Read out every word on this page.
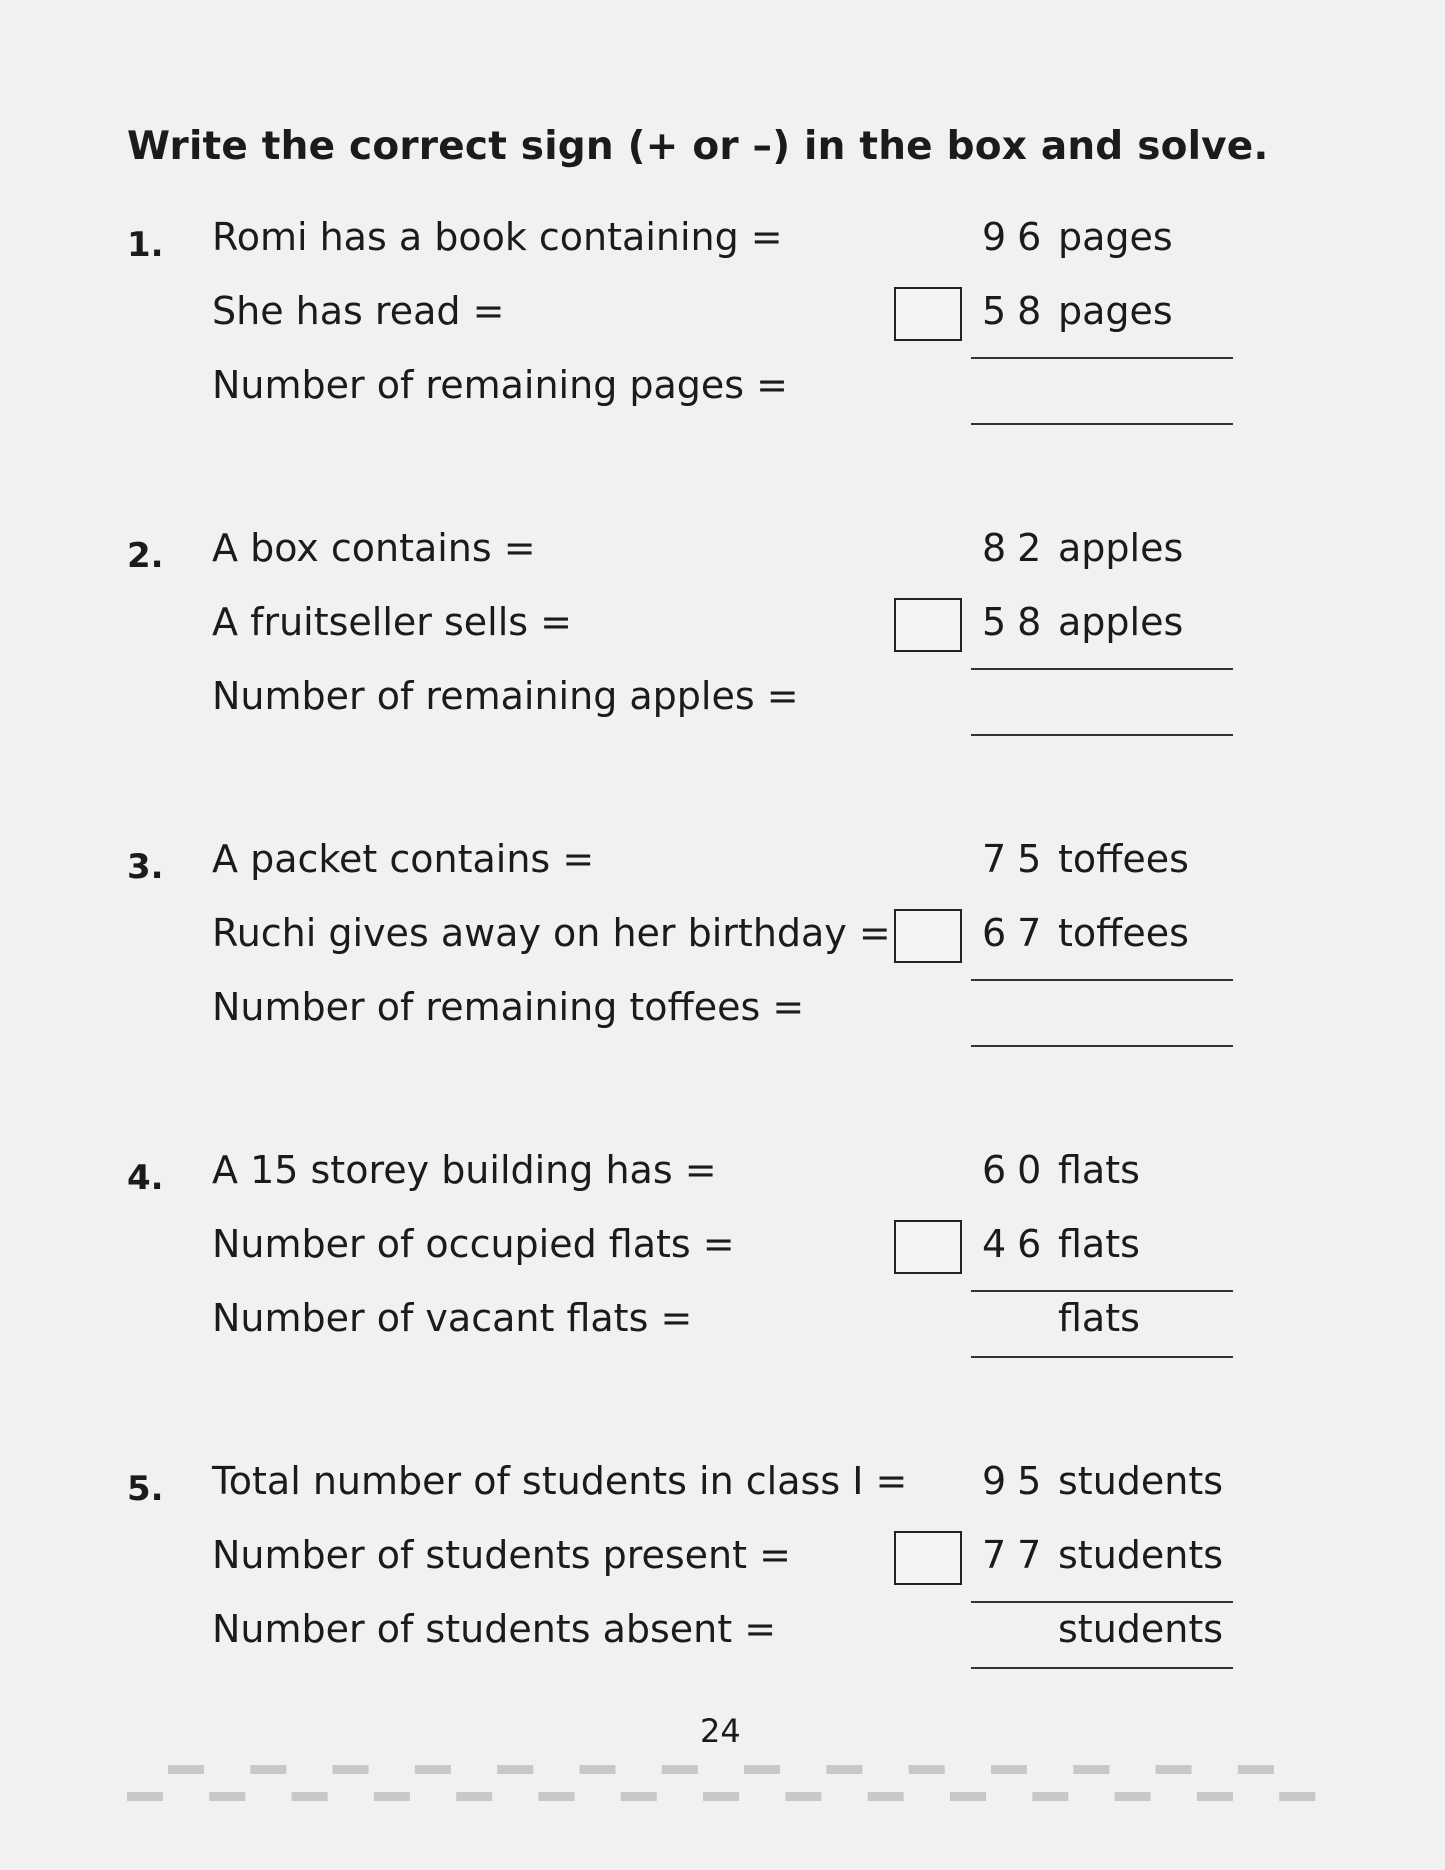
Write the correct sign (+ or –) in the box and solve.
1. Romi has a book containing =
She has read =
Number of remaining pages =
96 pages
58 pages
2. A box contains =
A fruitseller sells =
Number of remaining apples =
82 apples
58 apples
3. A packet contains =
Ruchi gives away on her birthday =
Number of remaining toffees =
75 toffees
67 toffees
4. A 15 storey building has =
Number of occupied flats =
Number of vacant flats =
60 flats
46 flats
flats
5. Total number of students in class I =
Number of students present =
Number of students absent =
95 students
77 students
students
24
